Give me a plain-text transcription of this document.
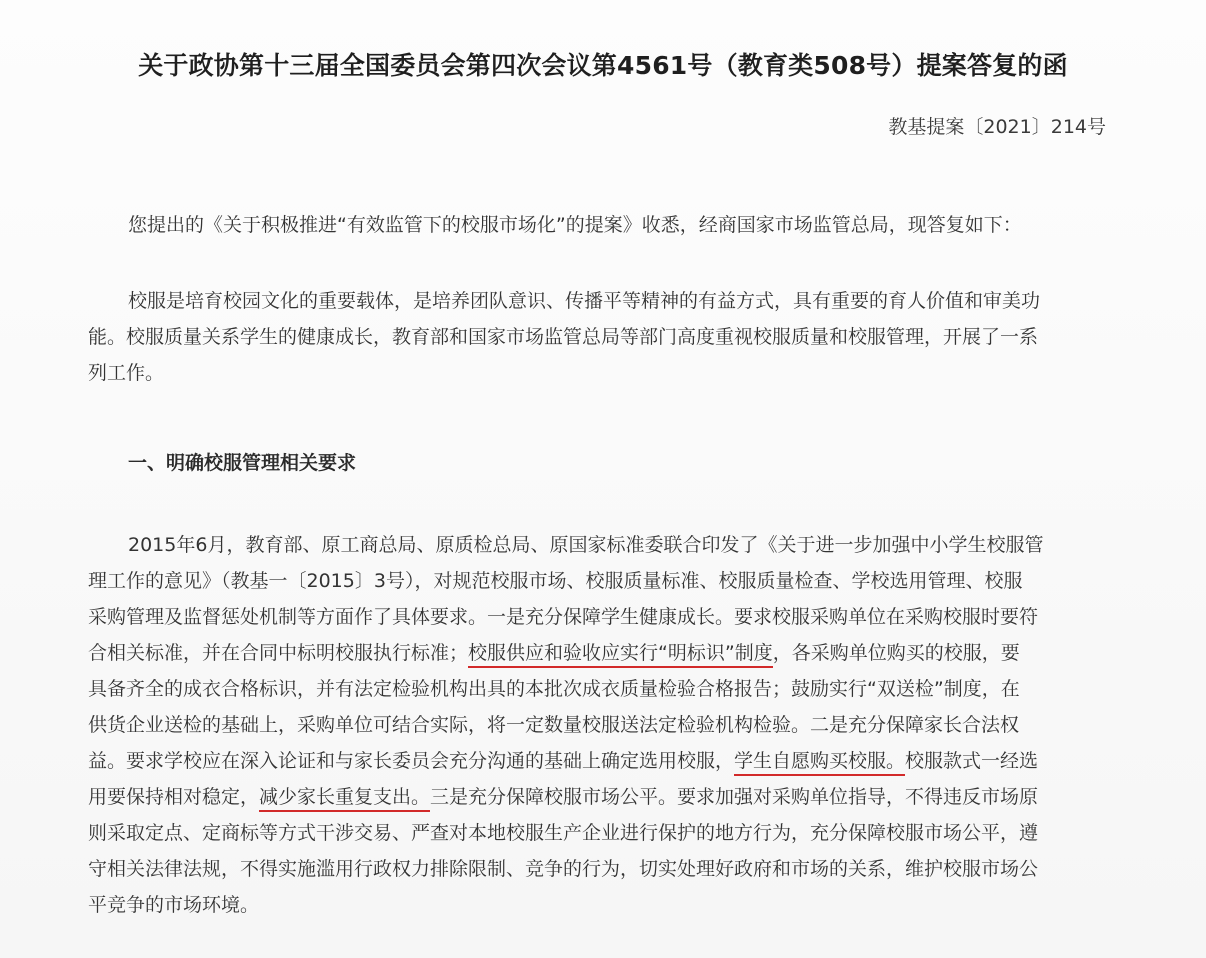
关于政协第十三届全国委员会第四次会议第4561号（教育类508号）提案答复的函
教基提案〔2021〕214号
您提出的《关于积极推进“有效监管下的校服市场化”的提案》收悉，经商国家市场监管总局，现答复如下：
校服是培育校园文化的重要载体，是培养团队意识、传播平等精神的有益方式，具有重要的育人价值和审美功
能。校服质量关系学生的健康成长，教育部和国家市场监管总局等部门高度重视校服质量和校服管理，开展了一系
列工作。
一、明确校服管理相关要求
2015年6月，教育部、原工商总局、原质检总局、原国家标准委联合印发了《关于进一步加强中小学生校服管
理工作的意见》（教基一〔2015〕3号），对规范校服市场、校服质量标准、校服质量检查、学校选用管理、校服
采购管理及监督惩处机制等方面作了具体要求。一是充分保障学生健康成长。要求校服采购单位在采购校服时要符
合相关标准，并在合同中标明校服执行标准；校服供应和验收应实行“明标识”制度，各采购单位购买的校服，要
具备齐全的成衣合格标识，并有法定检验机构出具的本批次成衣质量检验合格报告；鼓励实行“双送检”制度，在
供货企业送检的基础上，采购单位可结合实际，将一定数量校服送法定检验机构检验。二是充分保障家长合法权
益。要求学校应在深入论证和与家长委员会充分沟通的基础上确定选用校服，学生自愿购买校服。校服款式一经选
用要保持相对稳定，减少家长重复支出。三是充分保障校服市场公平。要求加强对采购单位指导，不得违反市场原
则采取定点、定商标等方式干涉交易、严查对本地校服生产企业进行保护的地方行为，充分保障校服市场公平，遵
守相关法律法规，不得实施滥用行政权力排除限制、竞争的行为，切实处理好政府和市场的关系，维护校服市场公
平竞争的市场环境。
